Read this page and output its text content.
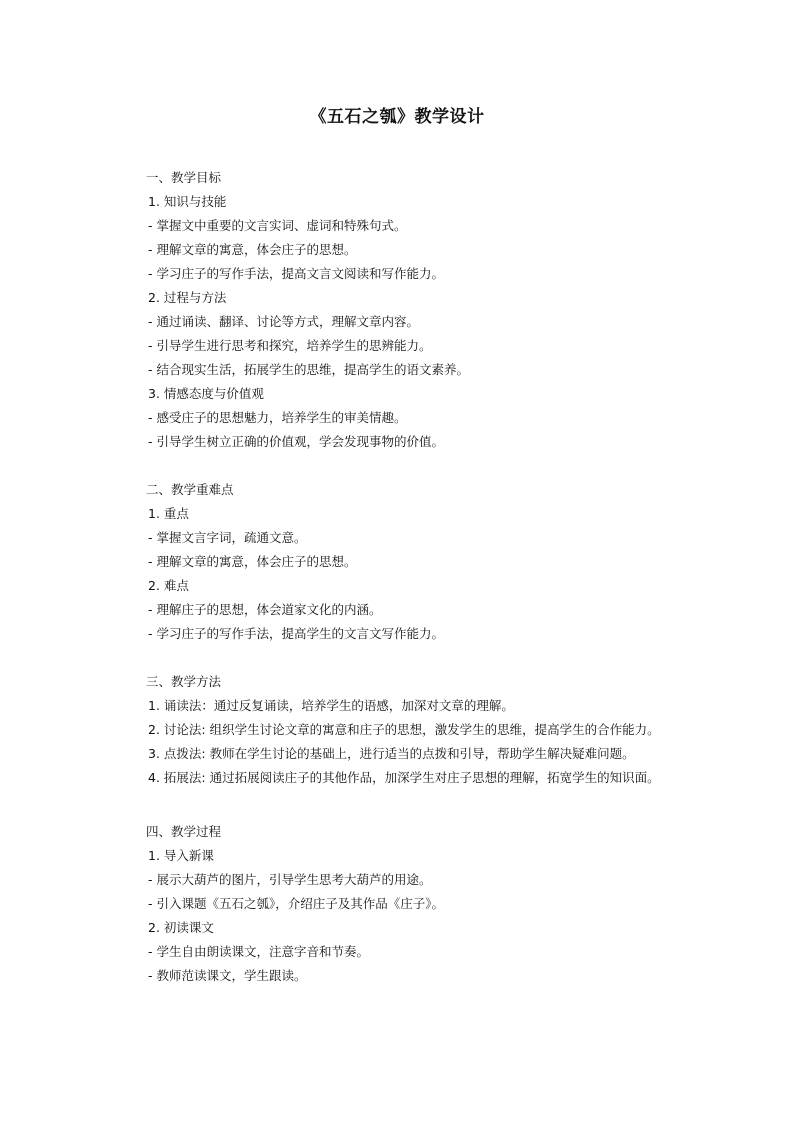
《五石之瓠》教学设计
一、教学目标
1. 知识与技能
- 掌握文中重要的文言实词、虚词和特殊句式。
- 理解文章的寓意，体会庄子的思想。
- 学习庄子的写作手法，提高文言文阅读和写作能力。
2. 过程与方法
- 通过诵读、翻译、讨论等方式，理解文章内容。
- 引导学生进行思考和探究，培养学生的思辨能力。
- 结合现实生活，拓展学生的思维，提高学生的语文素养。
3. 情感态度与价值观
- 感受庄子的思想魅力，培养学生的审美情趣。
- 引导学生树立正确的价值观，学会发现事物的价值。
二、教学重难点
1. 重点
- 掌握文言字词，疏通文意。
- 理解文章的寓意，体会庄子的思想。
2. 难点
- 理解庄子的思想，体会道家文化的内涵。
- 学习庄子的写作手法，提高学生的文言文写作能力。
三、教学方法
1. 诵读法：通过反复诵读，培养学生的语感，加深对文章的理解。
2. 讨论法: 组织学生讨论文章的寓意和庄子的思想，激发学生的思维，提高学生的合作能力。
3. 点拨法: 教师在学生讨论的基础上，进行适当的点拨和引导，帮助学生解决疑难问题。
4. 拓展法: 通过拓展阅读庄子的其他作品，加深学生对庄子思想的理解，拓宽学生的知识面。
四、教学过程
1. 导入新课
- 展示大葫芦的图片，引导学生思考大葫芦的用途。
- 引入课题《五石之瓠》，介绍庄子及其作品《庄子》。
2. 初读课文
- 学生自由朗读课文，注意字音和节奏。
- 教师范读课文，学生跟读。
